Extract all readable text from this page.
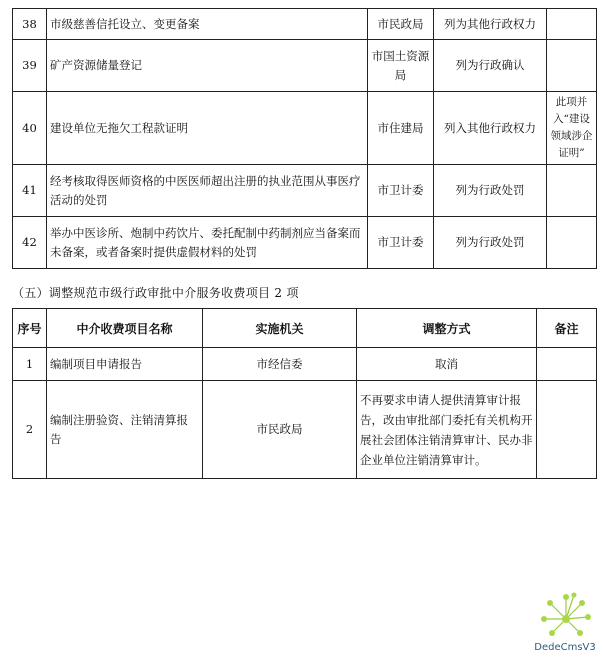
38	市级慈善信托设立、变更备案	市民政局	列为其他行政权力	
39	矿产资源储量登记	市国土资源局	列为行政确认	
40	建设单位无拖欠工程款证明	市住建局	列入其他行政权力	此项并入“建设领域涉企证明”
41	经考核取得医师资格的中医医师超出注册的执业范围从事医疗活动的处罚	市卫计委	列为行政处罚	
42	举办中医诊所、炮制中药饮片、委托配制中药制剂应当备案而未备案，或者备案时提供虚假材料的处罚	市卫计委	列为行政处罚	
（五）调整规范市级行政审批中介服务收费项目 2 项
序号	中介收费项目名称	实施机关	调整方式	备注
1	编制项目申请报告	市经信委	取消	
2	编制注册验资、注销清算报告	市民政局	不再要求申请人提供清算审计报告，改由审批部门委托有关机构开展社会团体注销清算审计、民办非企业单位注销清算审计。	
DedeCmsV3
